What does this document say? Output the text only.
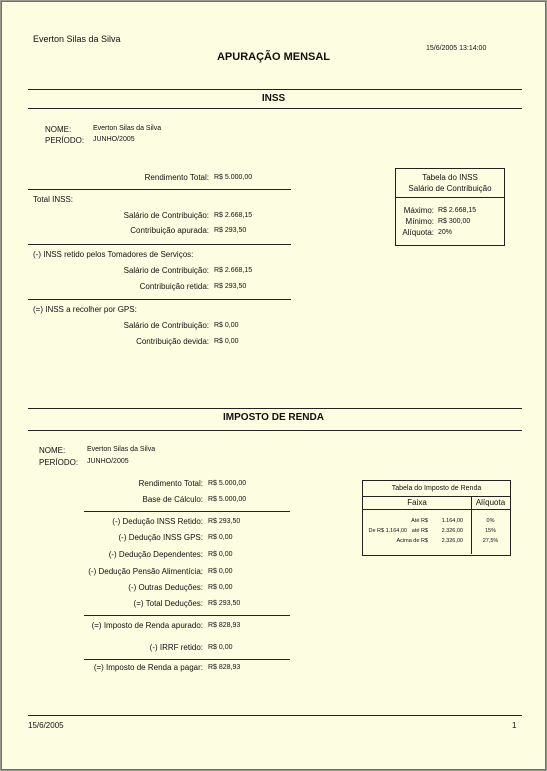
Everton Silas da Silva
15/6/2005 13:14:00
APURAÇÃO MENSAL
INSS
NOME:	Everton Silas da Silva
PERÍODO: JUNHO/2005
Rendimento Total: R$ 5.000,00
Total INSS:
Salário de Contribuição: R$ 2.668,15
Contribuição apurada: R$ 293,50
(-) INSS retido pelos Tomadores de Serviços:
Salário de Contribuição: R$ 2.668,15
Contribuição retida: R$ 293,50
(=) INSS a recolher por GPS:
Salário de Contribuição: R$ 0,00
Contribuição devida: R$ 0,00
Tabela do INSS
Salário de Contribuição
Máximo: R$ 2.668,15
Mínimo: R$ 300,00
Alíquota: 20%
IMPOSTO DE RENDA
NOME:	Everton Silas da Silva
PERÍODO: JUNHO/2005
Rendimento Total: R$ 5.000,00
Base de Cálculo: R$ 5.000,00
(-) Dedução INSS Retido: R$ 293,50
(-) Dedução INSS GPS: R$ 0,00
(-) Dedução Dependentes: R$ 0,00
(-) Dedução Pensão Alimentícia: R$ 0,00
(-) Outras Deduções: R$ 0,00
(=) Total Deduções: R$ 293,50
(=) Imposto de Renda apurado: R$ 828,93
(-) IRRF retido: R$ 0,00
(=) Imposto de Renda a pagar: R$ 828,93
Tabela do Imposto de Renda
Faixa	Alíquota
Até R$	1.164,00	0%
De R$ 1.164,00 até R$	2.326,00	15%
Acima de R$	2.326,00	27,5%
15/6/2005	1
